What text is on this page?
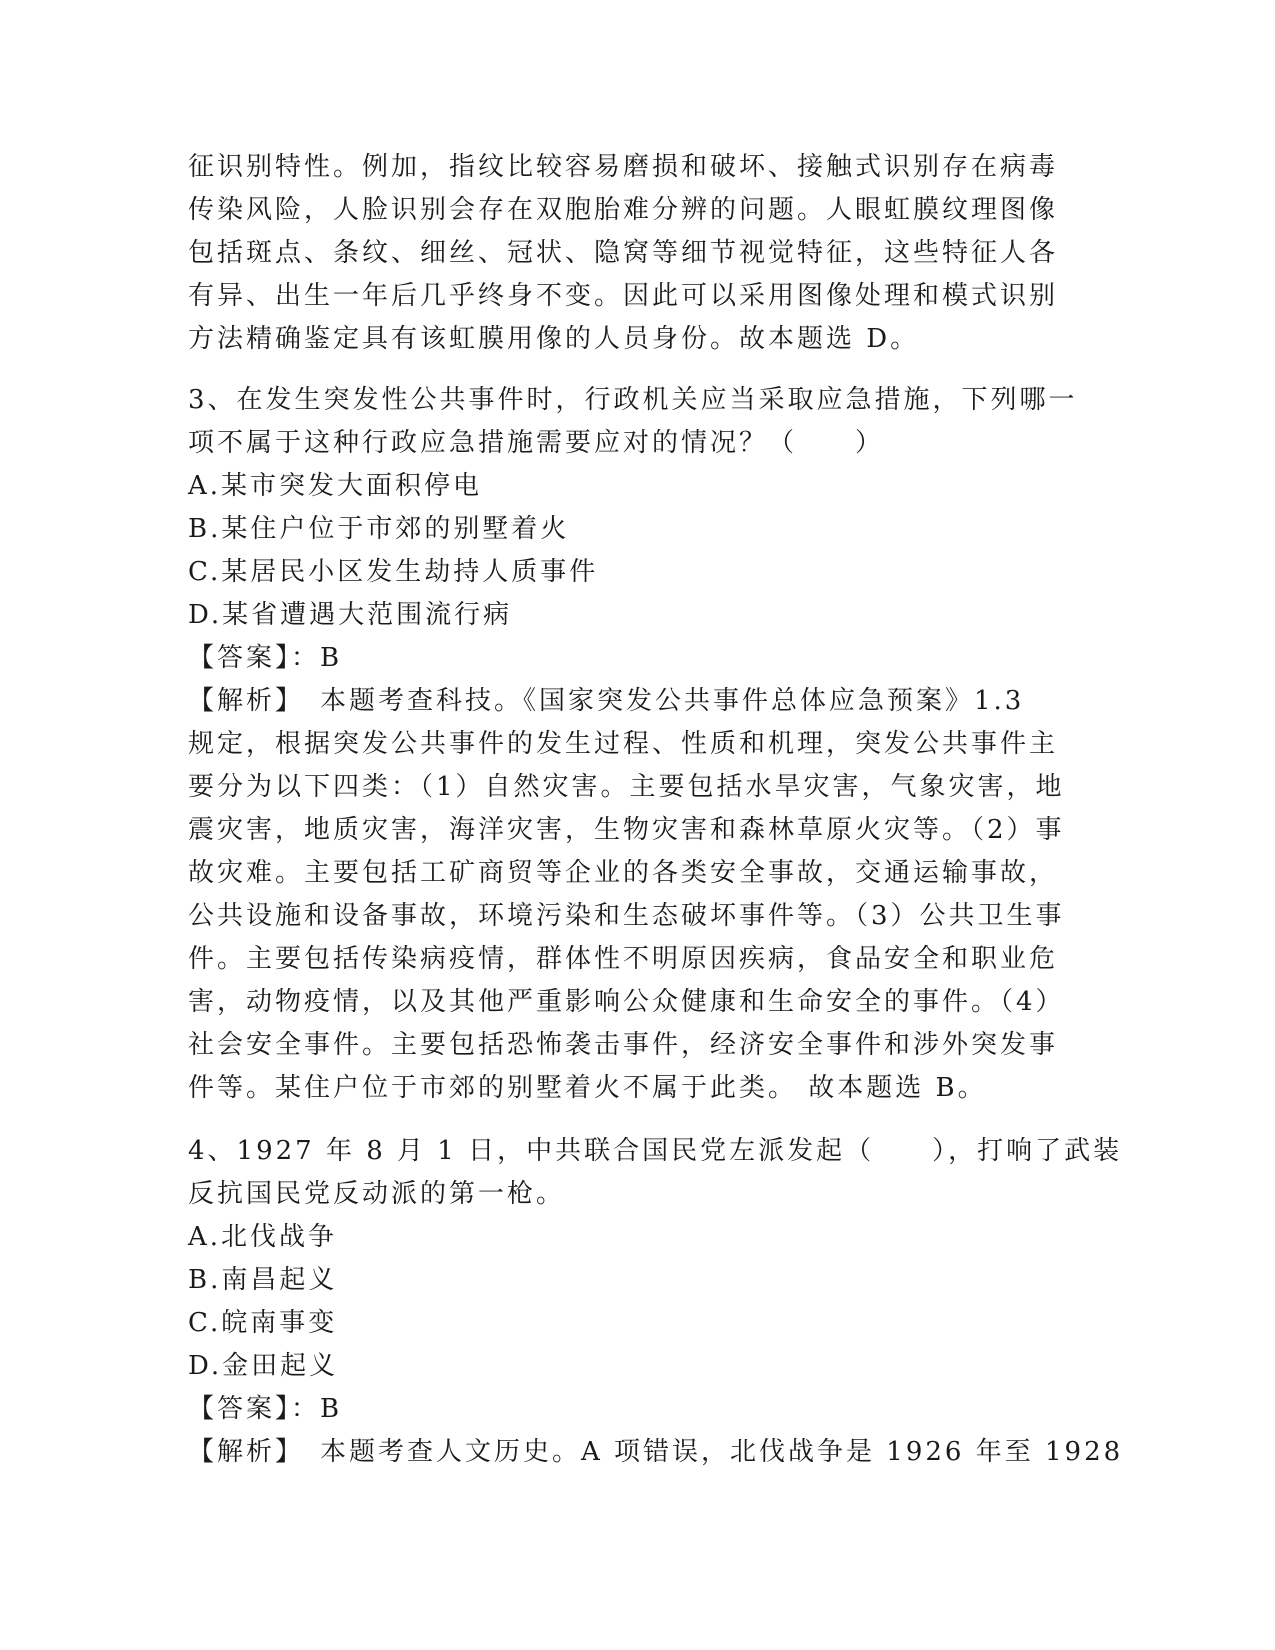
征识别特性。例加，指纹比较容易磨损和破坏、接触式识别存在病毒
传染风险，人脸识别会存在双胞胎难分辨的问题。人眼虹膜纹理图像
包括斑点、条纹、细丝、冠状、隐窝等细节视觉特征，这些特征人各
有异、出生一年后几乎终身不变。因此可以采用图像处理和模式识别
方法精确鉴定具有该虹膜用像的人员身份。故本题选 D。
3、在发生突发性公共事件时，行政机关应当采取应急措施，下列哪一
项不属于这种行政应急措施需要应对的情况？（　　）
A.某市突发大面积停电
B.某住户位于市郊的别墅着火
C.某居民小区发生劫持人质事件
D.某省遭遇大范围流行病
【答案】：B
【解析】　本题考查科技。《国家突发公共事件总体应急预案》1.3
规定，根据突发公共事件的发生过程、性质和机理，突发公共事件主
要分为以下四类：（1）自然灾害。主要包括水旱灾害，气象灾害，地
震灾害，地质灾害，海洋灾害，生物灾害和森林草原火灾等。（2）事
故灾难。主要包括工矿商贸等企业的各类安全事故，交通运输事故，
公共设施和设备事故，环境污染和生态破坏事件等。（3）公共卫生事
件。主要包括传染病疫情，群体性不明原因疾病，食品安全和职业危
害，动物疫情，以及其他严重影响公众健康和生命安全的事件。（4）
社会安全事件。主要包括恐怖袭击事件，经济安全事件和涉外突发事
件等。某住户位于市郊的别墅着火不属于此类。 故本题选 B。
4、1927 年 8 月 1 日，中共联合国民党左派发起（　　），打响了武装
反抗国民党反动派的第一枪。
A.北伐战争
B.南昌起义
C.皖南事变
D.金田起义
【答案】：B
【解析】　本题考查人文历史。A 项错误，北伐战争是 1926 年至 1928
